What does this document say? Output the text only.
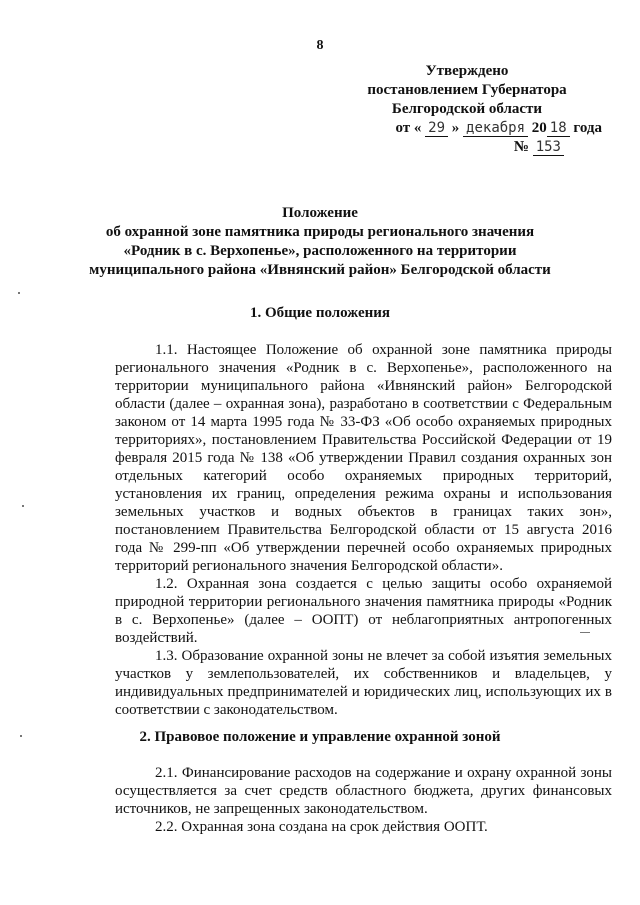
8
Утверждено
постановлением Губернатора
Белгородской области
от « 29 » декабря 20 18 года
№ 153
Положение
об охранной зоне памятника природы регионального значения
«Родник в с. Верхопенье», расположенного на территории
муниципального района «Ивнянский район» Белгородской области
1. Общие положения

1.1. Настоящее Положение об охранной зоне памятника природы регионального значения «Родник в с. Верхопенье», расположенного на территории муниципального района «Ивнянский район» Белгородской области (далее – охранная зона), разработано в соответствии с Федеральным законом от 14 марта 1995 года № 33-ФЗ «Об особо охраняемых природных территориях», постановлением Правительства Российской Федерации от 19 февраля 2015 года № 138 «Об утверждении Правил создания охранных зон отдельных категорий особо охраняемых природных территорий, установления их границ, определения режима охраны и использования земельных участков и водных объектов в границах таких зон», постановлением Правительства Белгородской области от 15 августа 2016 года № 299-пп «Об утверждении перечней особо охраняемых природных территорий регионального значения Белгородской области».

1.2. Охранная зона создается с целью защиты особо охраняемой природной территории регионального значения памятника природы «Родник в с. Верхопенье» (далее – ООПТ) от неблагоприятных антропогенных воздействий.

1.3. Образование охранной зоны не влечет за собой изъятия земельных участков у землепользователей, их собственников и владельцев, у индивидуальных предпринимателей и юридических лиц, использующих их в соответствии с законодательством.

2. Правовое положение и управление охранной зоной

2.1. Финансирование расходов на содержание и охрану охранной зоны осуществляется за счет средств областного бюджета, других финансовых источников, не запрещенных законодательством.

2.2. Охранная зона создана на срок действия ООПТ.
